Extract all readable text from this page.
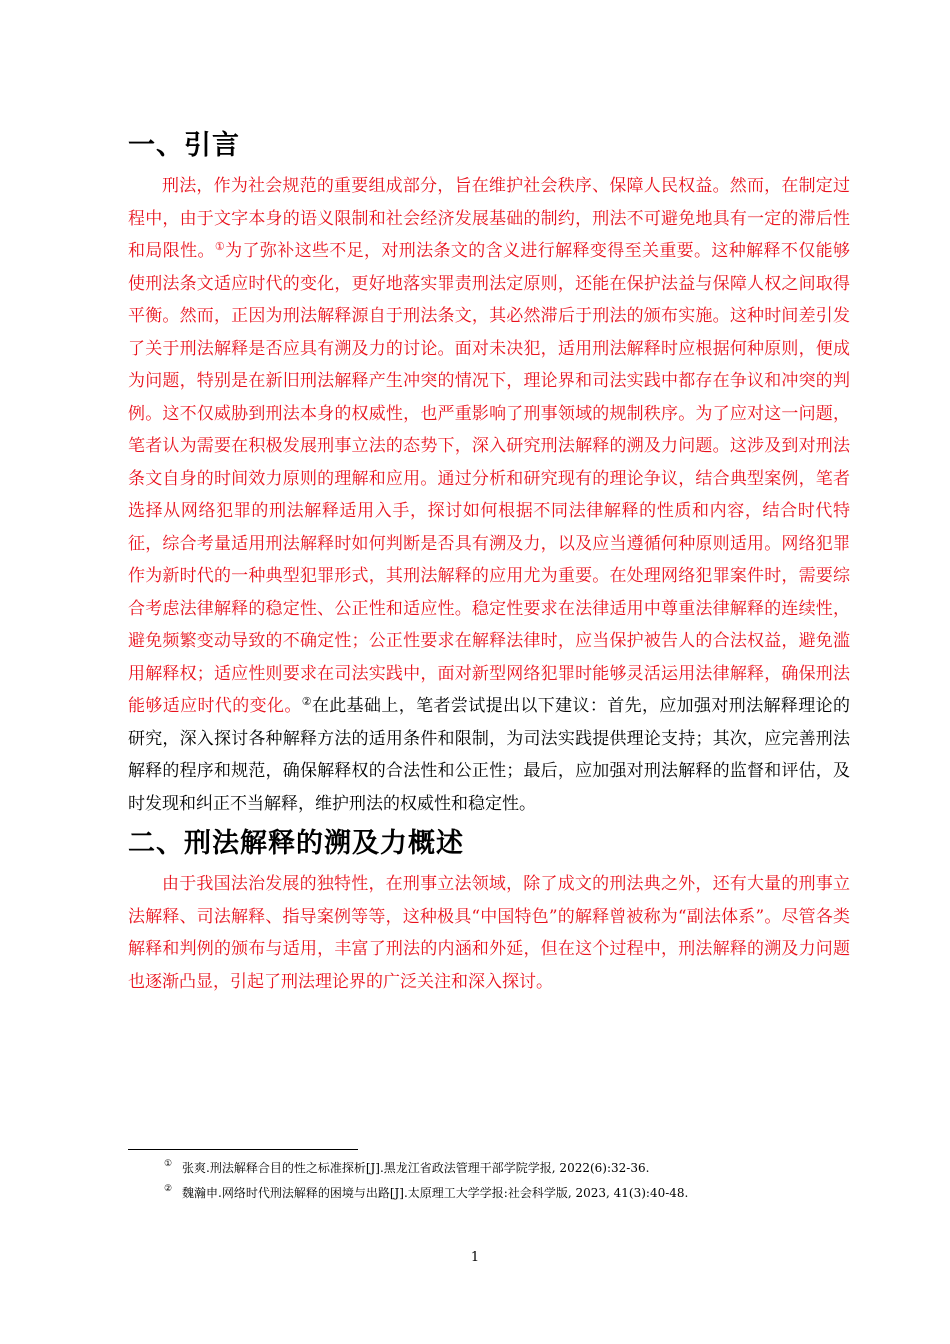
一、引言

刑法，作为社会规范的重要组成部分，旨在维护社会秩序、保障人民权益。然而，在制定过程中，由于文字本身的语义限制和社会经济发展基础的制约，刑法不可避免地具有一定的滞后性和局限性。①为了弥补这些不足，对刑法条文的含义进行解释变得至关重要。这种解释不仅能够使刑法条文适应时代的变化，更好地落实罪责刑法定原则，还能在保护法益与保障人权之间取得平衡。然而，正因为刑法解释源自于刑法条文，其必然滞后于刑法的颁布实施。这种时间差引发了关于刑法解释是否应具有溯及力的讨论。面对未决犯，适用刑法解释时应根据何种原则，便成为问题，特别是在新旧刑法解释产生冲突的情况下，理论界和司法实践中都存在争议和冲突的判例。这不仅威胁到刑法本身的权威性，也严重影响了刑事领域的规制秩序。为了应对这一问题，笔者认为需要在积极发展刑事立法的态势下，深入研究刑法解释的溯及力问题。这涉及到对刑法条文自身的时间效力原则的理解和应用。通过分析和研究现有的理论争议，结合典型案例，笔者选择从网络犯罪的刑法解释适用入手，探讨如何根据不同法律解释的性质和内容，结合时代特征，综合考量适用刑法解释时如何判断是否具有溯及力，以及应当遵循何种原则适用。网络犯罪作为新时代的一种典型犯罪形式，其刑法解释的应用尤为重要。在处理网络犯罪案件时，需要综合考虑法律解释的稳定性、公正性和适应性。稳定性要求在法律适用中尊重法律解释的连续性，避免频繁变动导致的不确定性；公正性要求在解释法律时，应当保护被告人的合法权益，避免滥用解释权；适应性则要求在司法实践中，面对新型网络犯罪时能够灵活运用法律解释，确保刑法能够适应时代的变化。②在此基础上，笔者尝试提出以下建议：首先，应加强对刑法解释理论的研究，深入探讨各种解释方法的适用条件和限制，为司法实践提供理论支持；其次，应完善刑法解释的程序和规范，确保解释权的合法性和公正性；最后，应加强对刑法解释的监督和评估，及时发现和纠正不当解释，维护刑法的权威性和稳定性。

二、刑法解释的溯及力概述

由于我国法治发展的独特性，在刑事立法领域，除了成文的刑法典之外，还有大量的刑事立法解释、司法解释、指导案例等等，这种极具“中国特色”的解释曾被称为“副法体系”。尽管各类解释和判例的颁布与适用，丰富了刑法的内涵和外延，但在这个过程中，刑法解释的溯及力问题也逐渐凸显，引起了刑法理论界的广泛关注和深入探讨。

① 张爽.刑法解释合目的性之标准探析[J].黑龙江省政法管理干部学院学报, 2022(6):32-36.
② 魏瀚申.网络时代刑法解释的困境与出路[J].太原理工大学学报:社会科学版, 2023, 41(3):40-48.
1
